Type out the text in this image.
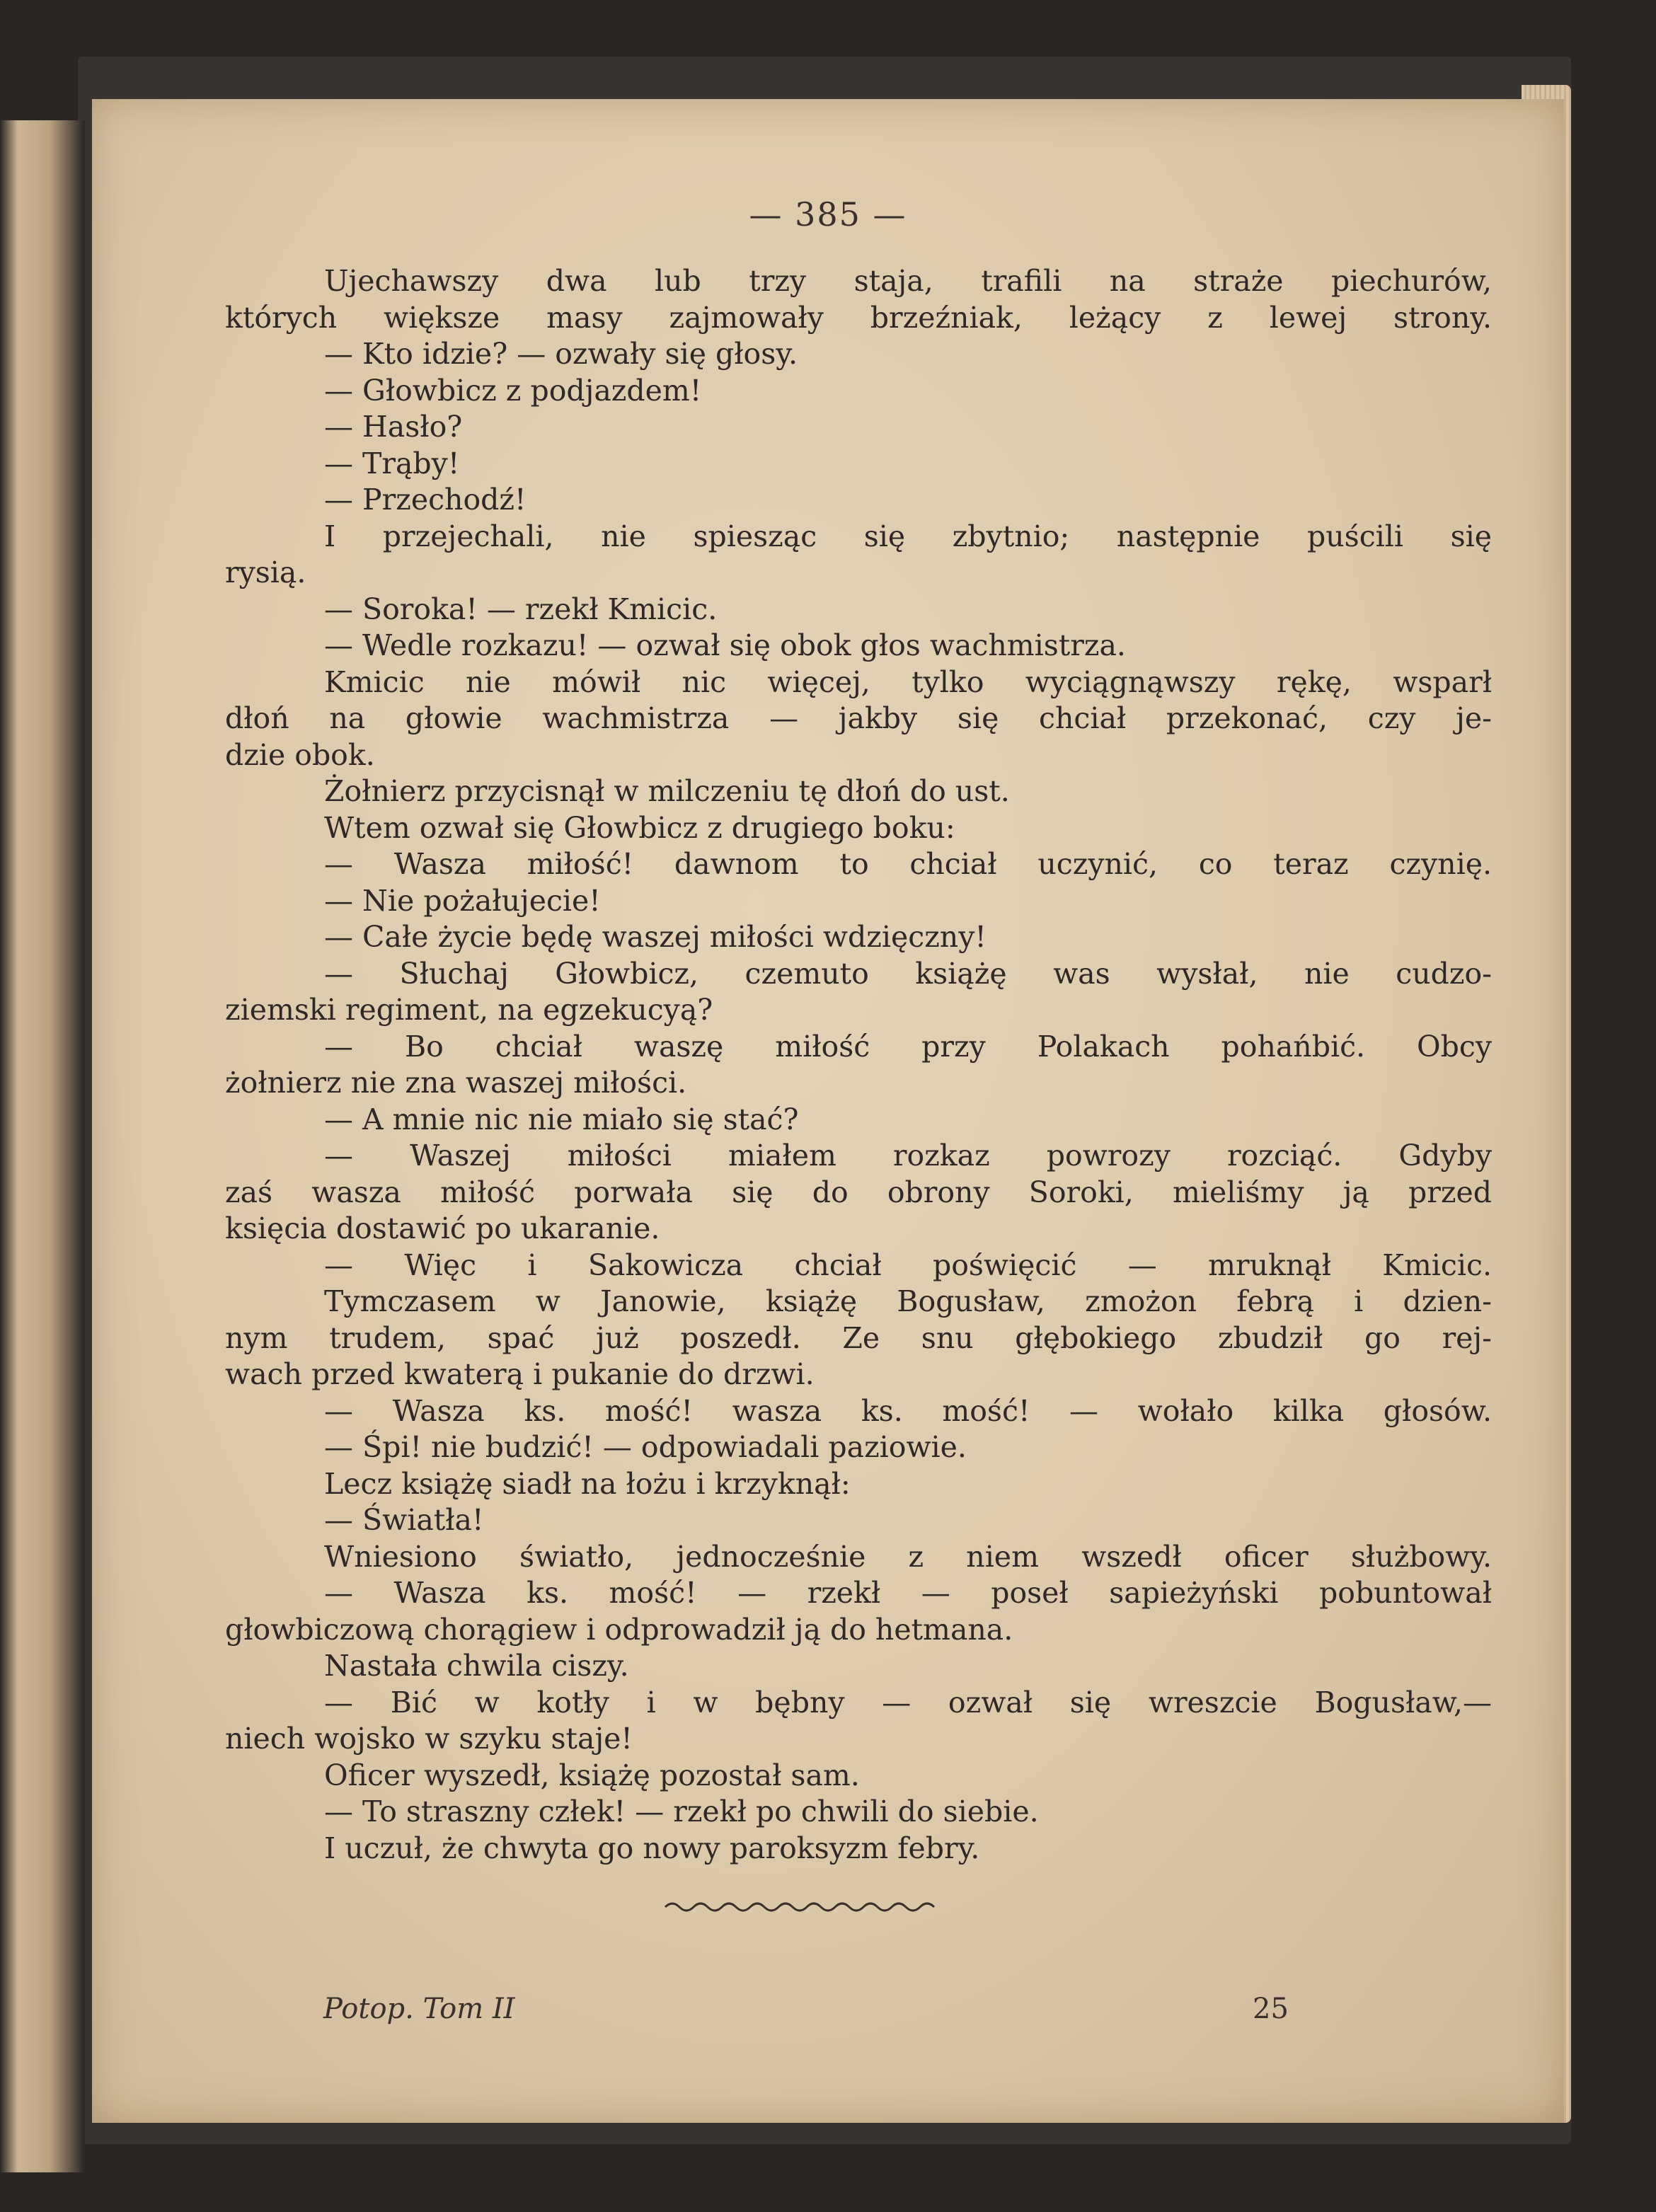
— 385 —
Ujechawszy dwa lub trzy staja, trafili na straże piechurów,
których większe masy zajmowały brzeźniak, leżący z lewej strony.
— Kto idzie? — ozwały się głosy.
— Głowbicz z podjazdem!
— Hasło?
— Trąby!
— Przechodź!
I przejechali, nie spiesząc się zbytnio; następnie puścili się
rysią.
— Soroka! — rzekł Kmicic.
— Wedle rozkazu! — ozwał się obok głos wachmistrza.
Kmicic nie mówił nic więcej, tylko wyciągnąwszy rękę, wsparł
dłoń na głowie wachmistrza — jakby się chciał przekonać, czy je-
dzie obok.
Żołnierz przycisnął w milczeniu tę dłoń do ust.
Wtem ozwał się Głowbicz z drugiego boku:
— Wasza miłość! dawnom to chciał uczynić, co teraz czynię.
— Nie pożałujecie!
— Całe życie będę waszej miłości wdzięczny!
— Słuchaj Głowbicz, czemuto książę was wysłał, nie cudzo-
ziemski regiment, na egzekucyą?
— Bo chciał waszę miłość przy Polakach pohańbić. Obcy
żołnierz nie zna waszej miłości.
— A mnie nic nie miało się stać?
— Waszej miłości miałem rozkaz powrozy rozciąć. Gdyby
zaś wasza miłość porwała się do obrony Soroki, mieliśmy ją przed
księcia dostawić po ukaranie.
— Więc i Sakowicza chciał poświęcić — mruknął Kmicic.
Tymczasem w Janowie, książę Bogusław, zmożon febrą i dzien-
nym trudem, spać już poszedł. Ze snu głębokiego zbudził go rej-
wach przed kwaterą i pukanie do drzwi.
— Wasza ks. mość! wasza ks. mość! — wołało kilka głosów.
— Śpi! nie budzić! — odpowiadali paziowie.
Lecz książę siadł na łożu i krzyknął:
— Światła!
Wniesiono światło, jednocześnie z niem wszedł oficer służbowy.
— Wasza ks. mość! — rzekł — poseł sapieżyński pobuntował
głowbiczową chorągiew i odprowadził ją do hetmana.
Nastała chwila ciszy.
— Bić w kotły i w bębny — ozwał się wreszcie Bogusław,—
niech wojsko w szyku staje!
Oficer wyszedł, książę pozostał sam.
— To straszny człek! — rzekł po chwili do siebie.
I uczuł, że chwyta go nowy paroksyzm febry.
Potop. Tom II	25
